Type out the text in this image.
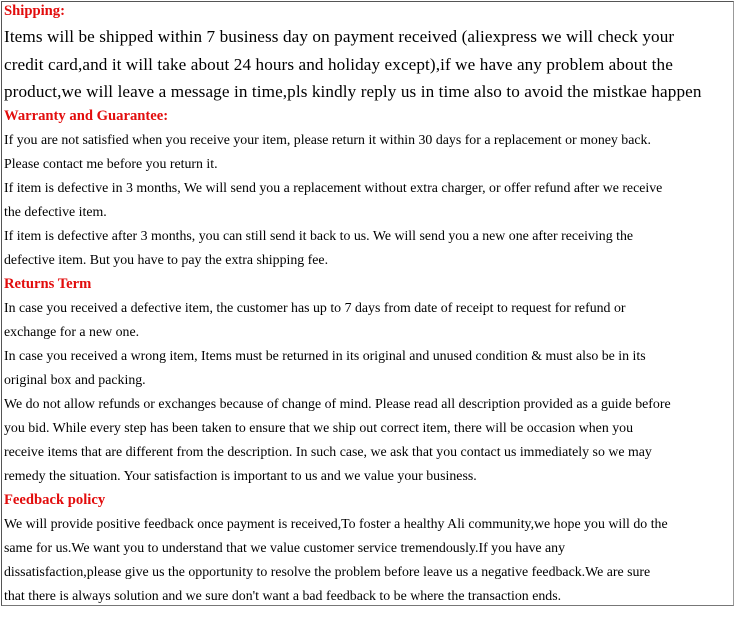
Shipping:
Items will be shipped within 7 business day on payment received (aliexpress we will check your
credit card,and it will take about 24 hours and holiday except),if we have any problem about the
product,we will leave a message in time,pls kindly reply us in time also to avoid the mistkae happen
Warranty and Guarantee:
If you are not satisfied when you receive your item, please return it within 30 days for a replacement or money back.
Please contact me before you return it.
If item is defective in 3 months, We will send you a replacement without extra charger, or offer refund after we receive
the defective item.
If item is defective after 3 months, you can still send it back to us. We will send you a new one after receiving the
defective item. But you have to pay the extra shipping fee.
Returns Term
In case you received a defective item, the customer has up to 7 days from date of receipt to request for refund or
exchange for a new one.
In case you received a wrong item, Items must be returned in its original and unused condition & must also be in its
original box and packing.
We do not allow refunds or exchanges because of change of mind. Please read all description provided as a guide before
you bid. While every step has been taken to ensure that we ship out correct item, there will be occasion when you
receive items that are different from the description. In such case, we ask that you contact us immediately so we may
remedy the situation. Your satisfaction is important to us and we value your business.
Feedback policy
We will provide positive feedback once payment is received,To foster a healthy Ali community,we hope you will do the
same for us.We want you to understand that we value customer service tremendously.If you have any
dissatisfaction,please give us the opportunity to resolve the problem before leave us a negative feedback.We are sure
that there is always solution and we sure don't want a bad feedback to be where the transaction ends.
